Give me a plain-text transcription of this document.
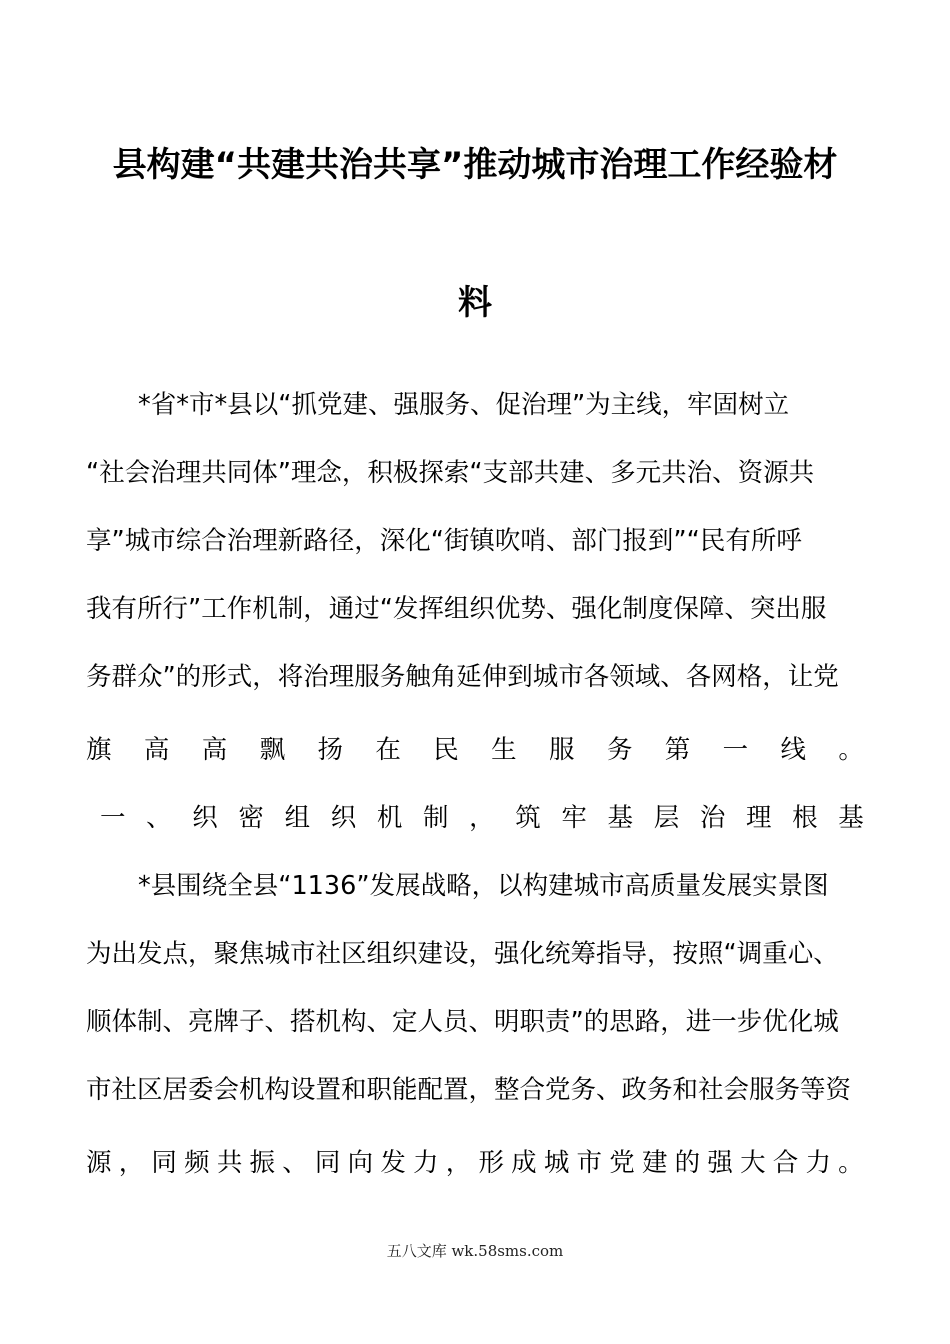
县构建“共建共治共享”推动城市治理工作经验材
料
*省*市*县以“抓党建、强服务、促治理”为主线，牢固树立
“社会治理共同体”理念，积极探索“支部共建、多元共治、资源共
享”城市综合治理新路径，深化“街镇吹哨、部门报到”“民有所呼
我有所行”工作机制，通过“发挥组织优势、强化制度保障、突出服
务群众”的形式，将治理服务触角延伸到城市各领域、各网格，让党
旗 高 高 飘 扬 在 民 生 服 务 第 一 线 。
一 、 织 密 组 织 机 制 ， 筑 牢 基 层 治 理 根 基
*县围绕全县“1136”发展战略，以构建城市高质量发展实景图
为出发点，聚焦城市社区组织建设，强化统筹指导，按照“调重心、
顺体制、亮牌子、搭机构、定人员、明职责”的思路，进一步优化城
市社区居委会机构设置和职能配置，整合党务、政务和社会服务等资
源 ， 同 频 共 振 、 同 向 发 力 ， 形 成 城 市 党 建 的 强 大 合 力 。
五八文库 wk.58sms.com
